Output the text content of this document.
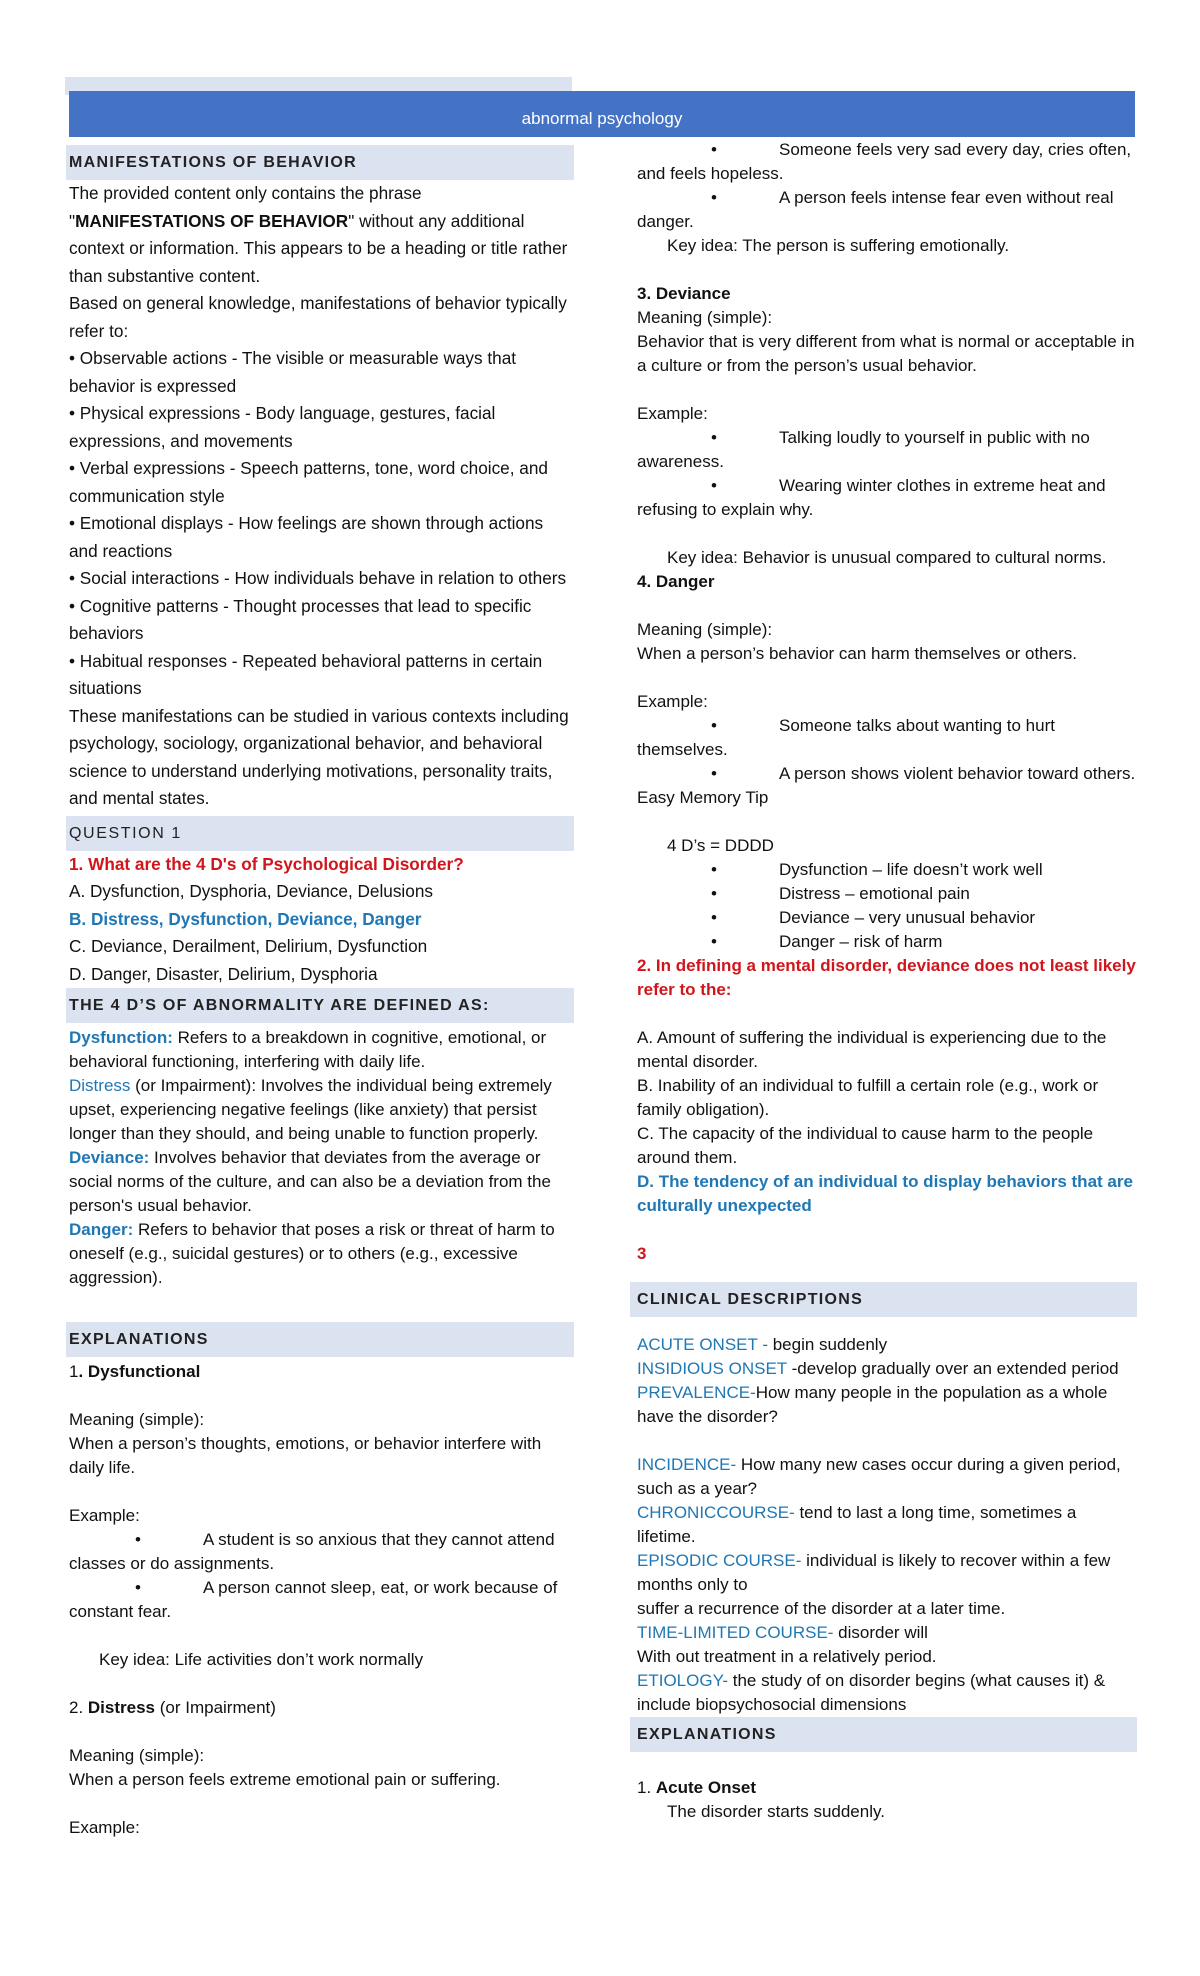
abnormal psychology
MANIFESTATIONS OF BEHAVIOR

The provided content only contains the phrase "MANIFESTATIONS OF BEHAVIOR" without any additional context or information. This appears to be a heading or title rather than substantive content.

Based on general knowledge, manifestations of behavior typically refer to:

• Observable actions - The visible or measurable ways that behavior is expressed

• Physical expressions - Body language, gestures, facial expressions, and movements

• Verbal expressions - Speech patterns, tone, word choice, and communication style

• Emotional displays - How feelings are shown through actions and reactions

• Social interactions - How individuals behave in relation to others

• Cognitive patterns - Thought processes that lead to specific behaviors

• Habitual responses - Repeated behavioral patterns in certain situations

These manifestations can be studied in various contexts including psychology, sociology, organizational behavior, and behavioral science to understand underlying motivations, personality traits, and mental states.

QUESTION 1

1. What are the 4 D's of Psychological Disorder?

A. Dysfunction, Dysphoria, Deviance, Delusions

B. Distress, Dysfunction, Deviance, Danger

C. Deviance, Derailment, Delirium, Dysfunction

D. Danger, Disaster, Delirium, Dysphoria

THE 4 D’S OF ABNORMALITY ARE DEFINED AS:

Dysfunction: Refers to a breakdown in cognitive, emotional, or behavioral functioning, interfering with daily life.

Distress (or Impairment): Involves the individual being extremely upset, experiencing negative feelings (like anxiety) that persist longer than they should, and being unable to function properly.

Deviance: Involves behavior that deviates from the average or social norms of the culture, and can also be a deviation from the person's usual behavior.

Danger: Refers to behavior that poses a risk or threat of harm to oneself (e.g., suicidal gestures) or to others (e.g., excessive aggression).

EXPLANATIONS

1. Dysfunctional

Meaning (simple):

When a person’s thoughts, emotions, or behavior interfere with daily life.

Example:

•	A student is so anxious that they cannot attend classes or do assignments.

•	A person cannot sleep, eat, or work because of constant fear.

Key idea: Life activities don’t work normally

2. Distress (or Impairment)

Meaning (simple):

When a person feels extreme emotional pain or suffering.

Example:

•	Someone feels very sad every day, cries often, and feels hopeless.

•	A person feels intense fear even without real danger.

Key idea: The person is suffering emotionally.

3. Deviance

Meaning (simple):

Behavior that is very different from what is normal or acceptable in a culture or from the person’s usual behavior.

Example:

•	Talking loudly to yourself in public with no awareness.

•	Wearing winter clothes in extreme heat and refusing to explain why.

Key idea: Behavior is unusual compared to cultural norms.

4. Danger

Meaning (simple):

When a person’s behavior can harm themselves or others.

Example:

•	Someone talks about wanting to hurt themselves.

•	A person shows violent behavior toward others.

Easy Memory Tip

4 D’s = DDDD

•	Dysfunction – life doesn’t work well

•	Distress – emotional pain

•	Deviance – very unusual behavior

•	Danger – risk of harm

2. In defining a mental disorder, deviance does not least likely refer to the:

A. Amount of suffering the individual is experiencing due to the mental disorder.

B. Inability of an individual to fulfill a certain role (e.g., work or family obligation).

C. The capacity of the individual to cause harm to the people around them.

D. The tendency of an individual to display behaviors that are culturally unexpected

3

CLINICAL DESCRIPTIONS

ACUTE ONSET - begin suddenly

INSIDIOUS ONSET -develop gradually over an extended period

PREVALENCE-How many people in the population as a whole have the disorder?

INCIDENCE- How many new cases occur during a given period, such as a year?

CHRONICCOURSE- tend to last a long time, sometimes a lifetime.

EPISODIC COURSE- individual is likely to recover within a few months only to

suffer a recurrence of the disorder at a later time.

TIME-LIMITED COURSE- disorder will

With out treatment in a relatively period.

ETIOLOGY- the study of on disorder begins (what causes it) & include biopsychosocial dimensions

EXPLANATIONS

1. Acute Onset

The disorder starts suddenly.
